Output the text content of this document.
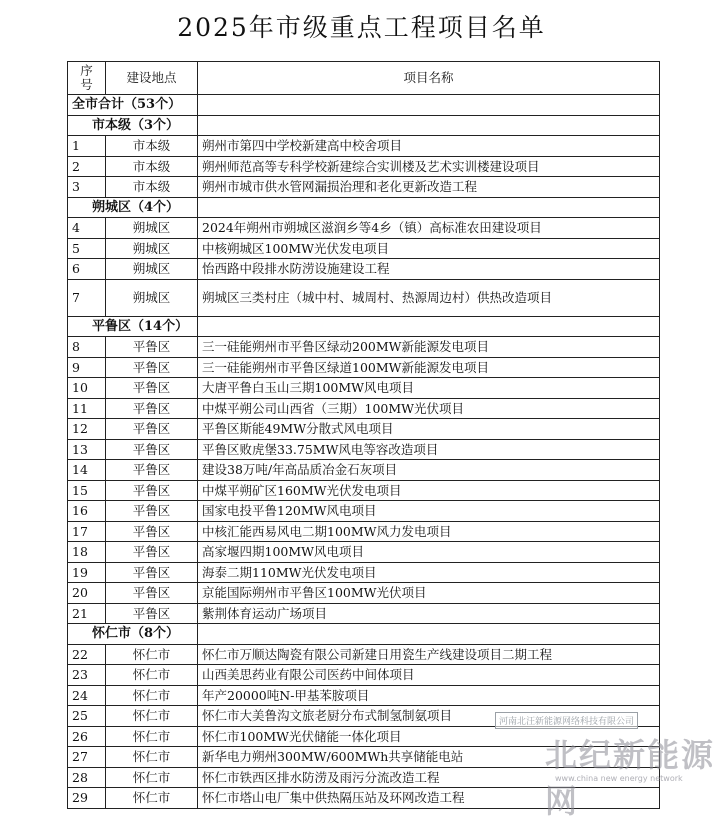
2025年市级重点工程项目名单
序号	建设地点	项目名称
全市合计（53个）		
市本级（3个）		
1	市本级	朔州市第四中学校新建高中校舍项目
2	市本级	朔州师范高等专科学校新建综合实训楼及艺术实训楼建设项目
3	市本级	朔州市城市供水管网漏损治理和老化更新改造工程
朔城区（4个）		
4	朔城区	2024年朔州市朔城区滋润乡等4乡（镇）高标准农田建设项目
5	朔城区	中核朔城区100MW光伏发电项目
6	朔城区	怡西路中段排水防涝设施建设工程
7	朔城区	朔城区三类村庄（城中村、城周村、热源周边村）供热改造项目
平鲁区（14个）		
8	平鲁区	三一硅能朔州市平鲁区绿动200MW新能源发电项目
9	平鲁区	三一硅能朔州市平鲁区绿道100MW新能源发电项目
10	平鲁区	大唐平鲁白玉山三期100MW风电项目
11	平鲁区	中煤平朔公司山西省（三期）100MW光伏项目
12	平鲁区	平鲁区斯能49MW分散式风电项目
13	平鲁区	平鲁区败虎堡33.75MW风电等容改造项目
14	平鲁区	建设38万吨/年高品质冶金石灰项目
15	平鲁区	中煤平朔矿区160MW光伏发电项目
16	平鲁区	国家电投平鲁120MW风电项目
17	平鲁区	中核汇能西易风电二期100MW风力发电项目
18	平鲁区	高家堰四期100MW风电项目
19	平鲁区	海泰二期110MW光伏发电项目
20	平鲁区	京能国际朔州市平鲁区100MW光伏项目
21	平鲁区	紫荆体育运动广场项目
怀仁市（8个）		
22	怀仁市	怀仁市万顺达陶瓷有限公司新建日用瓷生产线建设项目二期工程
23	怀仁市	山西美思药业有限公司医药中间体项目
24	怀仁市	年产20000吨N-甲基苯胺项目
25	怀仁市	怀仁市大美鲁沟文旅老厨分布式制氢制氨项目
26	怀仁市	怀仁市100MW光伏储能一体化项目
27	怀仁市	新华电力朔州300MW/600MWh共享储能电站
28	怀仁市	怀仁市铁西区排水防涝及雨污分流改造工程
29	怀仁市	怀仁市塔山电厂集中供热隔压站及环网改造工程
河南北汪新能源网络科技有限公司
北纪新能源网
www.china new energy network
